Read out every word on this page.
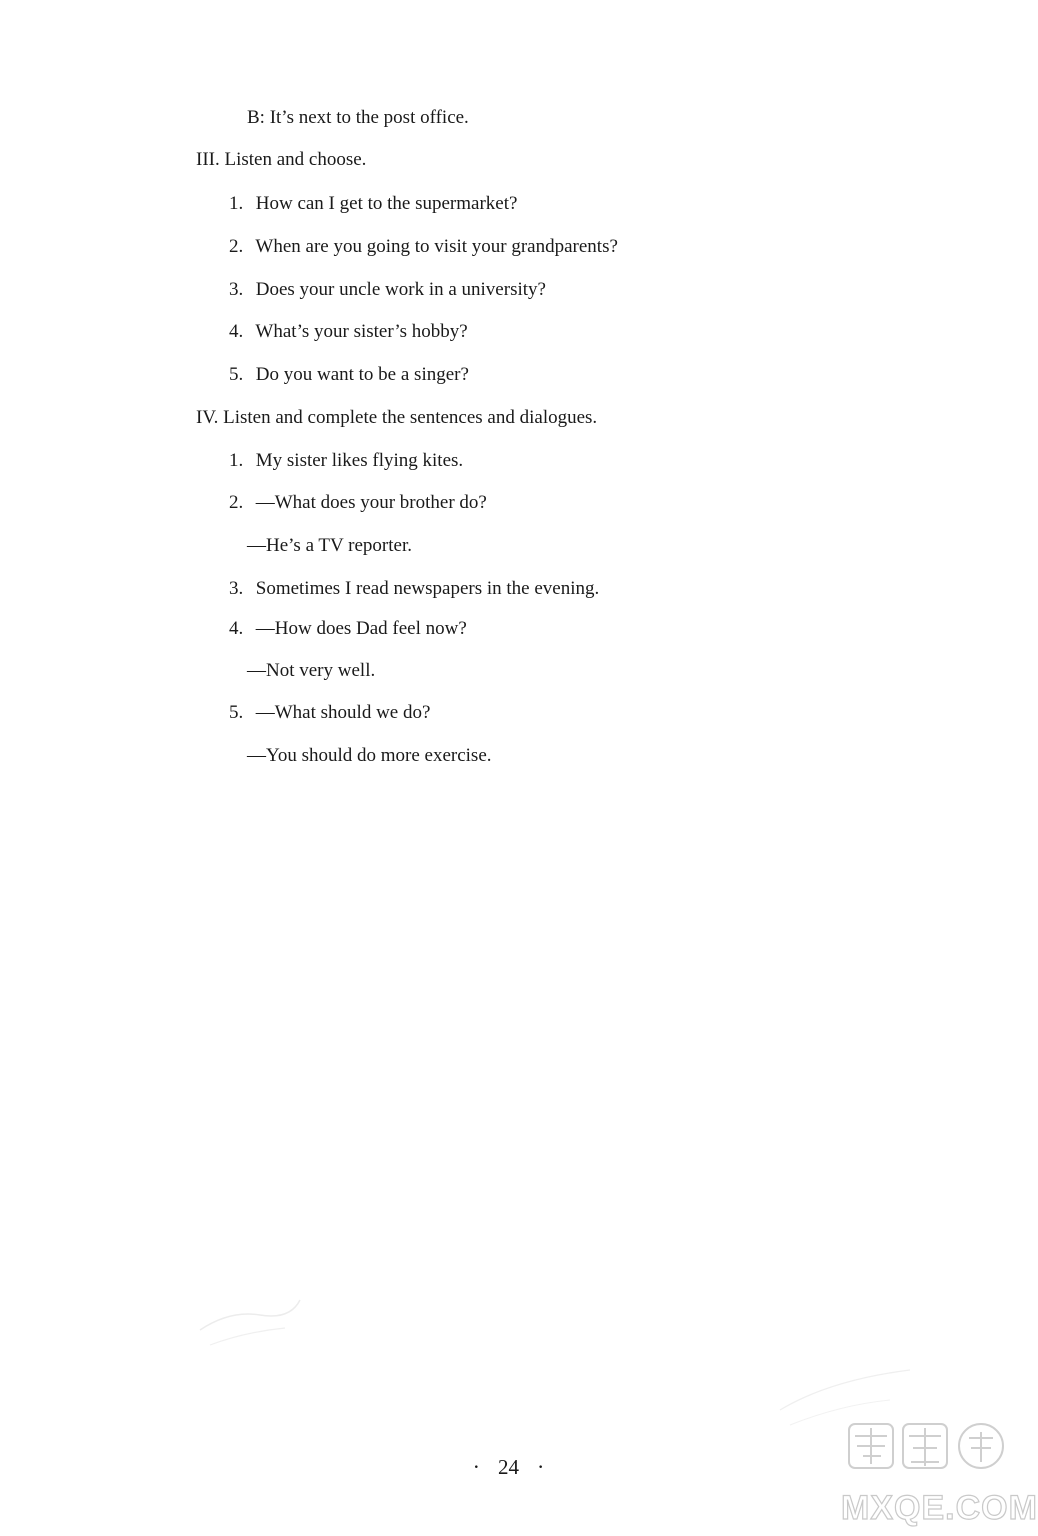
B: It’s next to the post office.
III. Listen and choose.
1. How can I get to the supermarket?
2. When are you going to visit your grandparents?
3. Does your uncle work in a university?
4. What’s your sister’s hobby?
5. Do you want to be a singer?
IV. Listen and complete the sentences and dialogues.
1. My sister likes flying kites.
2. —What does your brother do?
—He’s a TV reporter.
3. Sometimes I read newspapers in the evening.
4. —How does Dad feel now?
—Not very well.
5. —What should we do?
—You should do more exercise.
· 24 ·
MXQE.COM
